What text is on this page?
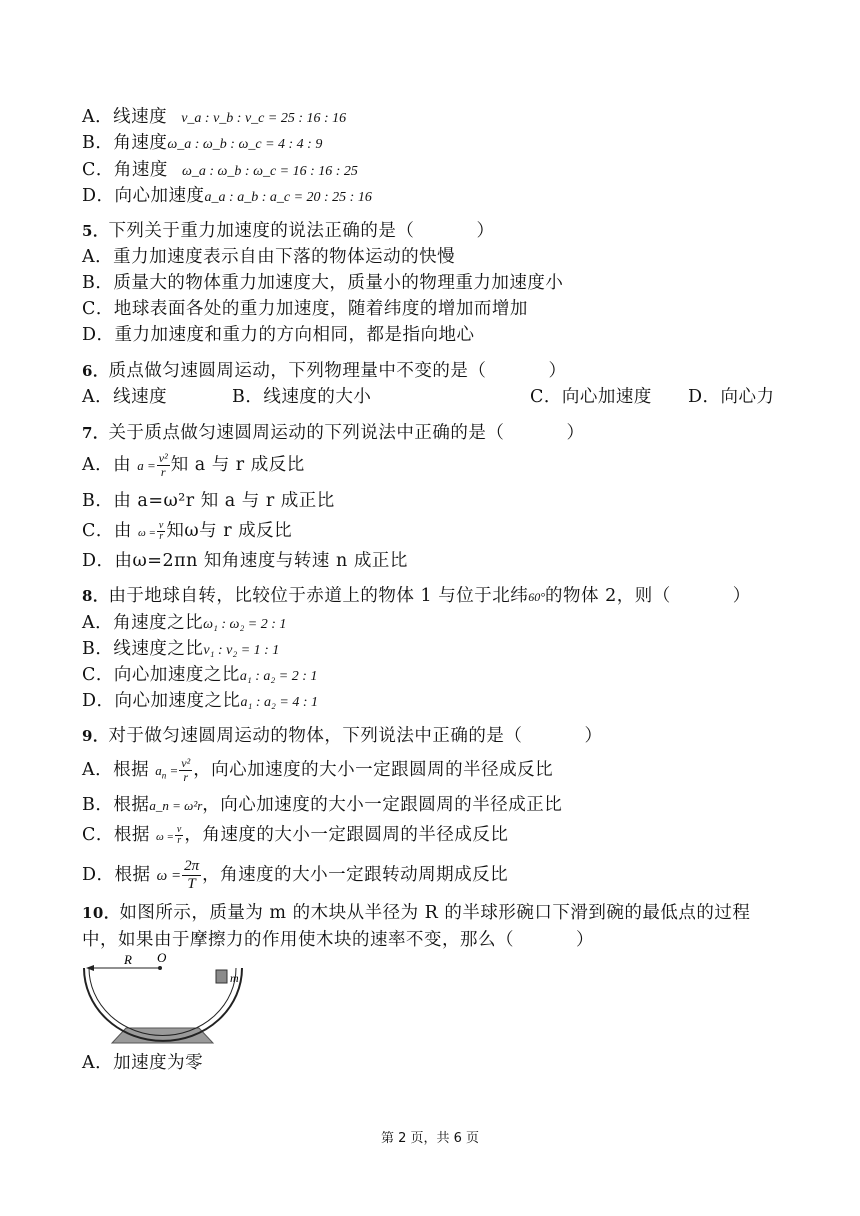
A．线速度 v_a : v_b : v_c = 25 : 16 : 16
B．角速度ω_a : ω_b : ω_c = 4 : 4 : 9
C．角速度 ω_a : ω_b : ω_c = 16 : 16 : 25
D．向心加速度a_a : a_b : a_c = 20 : 25 : 16
5．下列关于重力加速度的说法正确的是（	）
A．重力加速度表示自由下落的物体运动的快慢
B．质量大的物体重力加速度大，质量小的物理重力加速度小
C．地球表面各处的重力加速度，随着纬度的增加而增加
D．重力加速度和重力的方向相同，都是指向地心
6．质点做匀速圆周运动，下列物理量中不变的是（	）
A．线速度	B．线速度的大小	C．向心加速度 D．向心力
7．关于质点做匀速圆周运动的下列说法中正确的是（	）
A．由 $a = \frac{\text{v²}}{r}$ 知 a 与 r 成反比
B．由 a=ω²r 知 a 与 r 成正比
C．由 $\omega = \frac{v}{r}$ 知ω与 r 成反比
D．由ω=2πn 知角速度与转速 n 成正比
8．由于地球自转，比较位于赤道上的物体 1 与位于北纬60°的物体 2，则（	）
A．角速度之比ω₁ : ω₂ = 2 : 1
B．线速度之比v₁ : v₂ = 1 : 1
C．向心加速度之比a₁ : a₂ = 2 : 1
D．向心加速度之比a₁ : a₂ = 4 : 1
9．对于做匀速圆周运动的物体，下列说法中正确的是（	）
A．根据 $a_n = \frac{\text{v²}}{r}$ ，向心加速度的大小一定跟圆周的半径成反比
B．根据a_n = ω²r，向心加速度的大小一定跟圆周的半径成正比
C．根据 $\omega = \frac{v}{r}$ ，角速度的大小一定跟圆周的半径成反比
D．根据 $\omega = \frac{2\pi}{T}$ ，角速度的大小一定跟转动周期成反比
10．如图所示，质量为 m 的木块从半径为 R 的半球形碗口下滑到碗的最低点的过程
中，如果由于摩擦力的作用使木块的速率不变，那么（	）
R O
m
A．加速度为零
第 2 页，共 6 页
